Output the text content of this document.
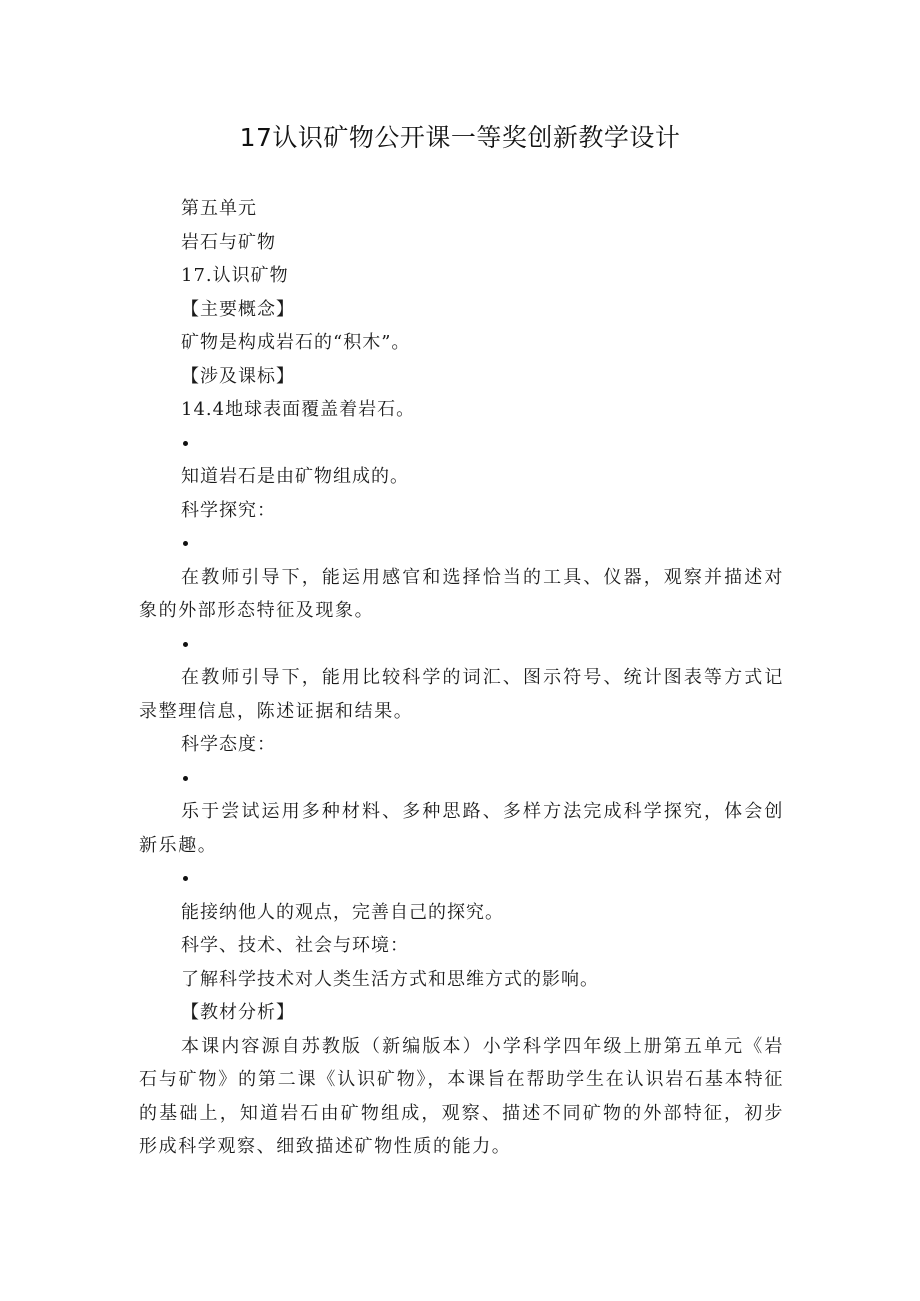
17认识矿物公开课一等奖创新教学设计

第五单元

岩石与矿物

17.认识矿物

【主要概念】

矿物是构成岩石的“积木”。

【涉及课标】

14.4地球表面覆盖着岩石。

知道岩石是由矿物组成的。

科学探究：

在教师引导下，能运用感官和选择恰当的工具、仪器，观察并描述对象的外部形态特征及现象。

在教师引导下，能用比较科学的词汇、图示符号、统计图表等方式记录整理信息，陈述证据和结果。

科学态度：

乐于尝试运用多种材料、多种思路、多样方法完成科学探究，体会创新乐趣。

能接纳他人的观点，完善自己的探究。

科学、技术、社会与环境：

了解科学技术对人类生活方式和思维方式的影响。

【教材分析】

本课内容源自苏教版（新编版本）小学科学四年级上册第五单元《岩石与矿物》的第二课《认识矿物》，本课旨在帮助学生在认识岩石基本特征的基础上，知道岩石由矿物组成，观察、描述不同矿物的外部特征，初步形成科学观察、细致描述矿物性质的能力。
